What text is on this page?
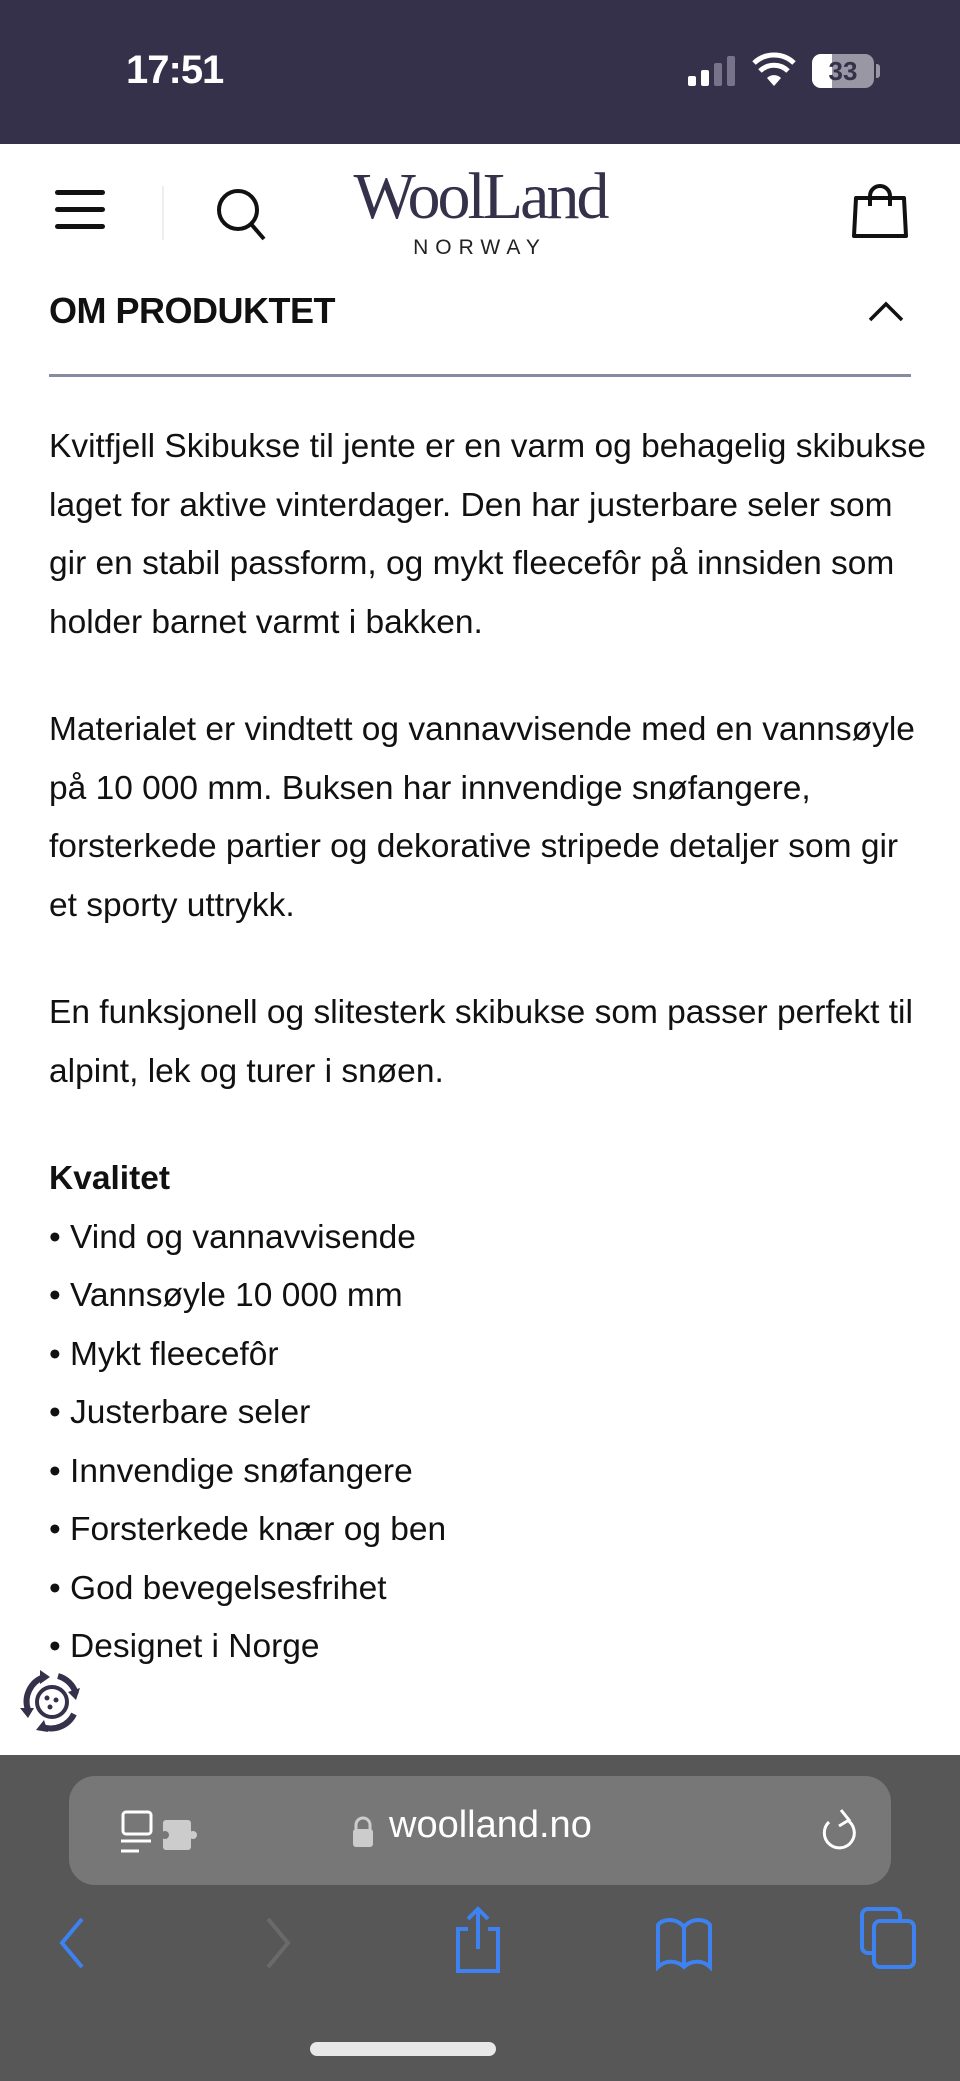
17:51	33
WoolLand
NORWAY
OM PRODUKTET

Kvitfjell Skibukse til jente er en varm og behagelig skibukse laget for aktive vinterdager. Den har justerbare seler som gir en stabil passform, og mykt fleecefôr på innsiden som holder barnet varmt i bakken.

Materialet er vindtett og vannavvisende med en vannsøyle på 10 000 mm. Buksen har innvendige snøfangere, forsterkede partier og dekorative stripede detaljer som gir et sporty uttrykk.

En funksjonell og slitesterk skibukse som passer perfekt til alpint, lek og turer i snøen.

Kvalitet
• Vind og vannavvisende
• Vannsøyle 10 000 mm
• Mykt fleecefôr
• Justerbare seler
• Innvendige snøfangere
• Forsterkede knær og ben
• God bevegelsesfrihet
• Designet i Norge
woolland.no
